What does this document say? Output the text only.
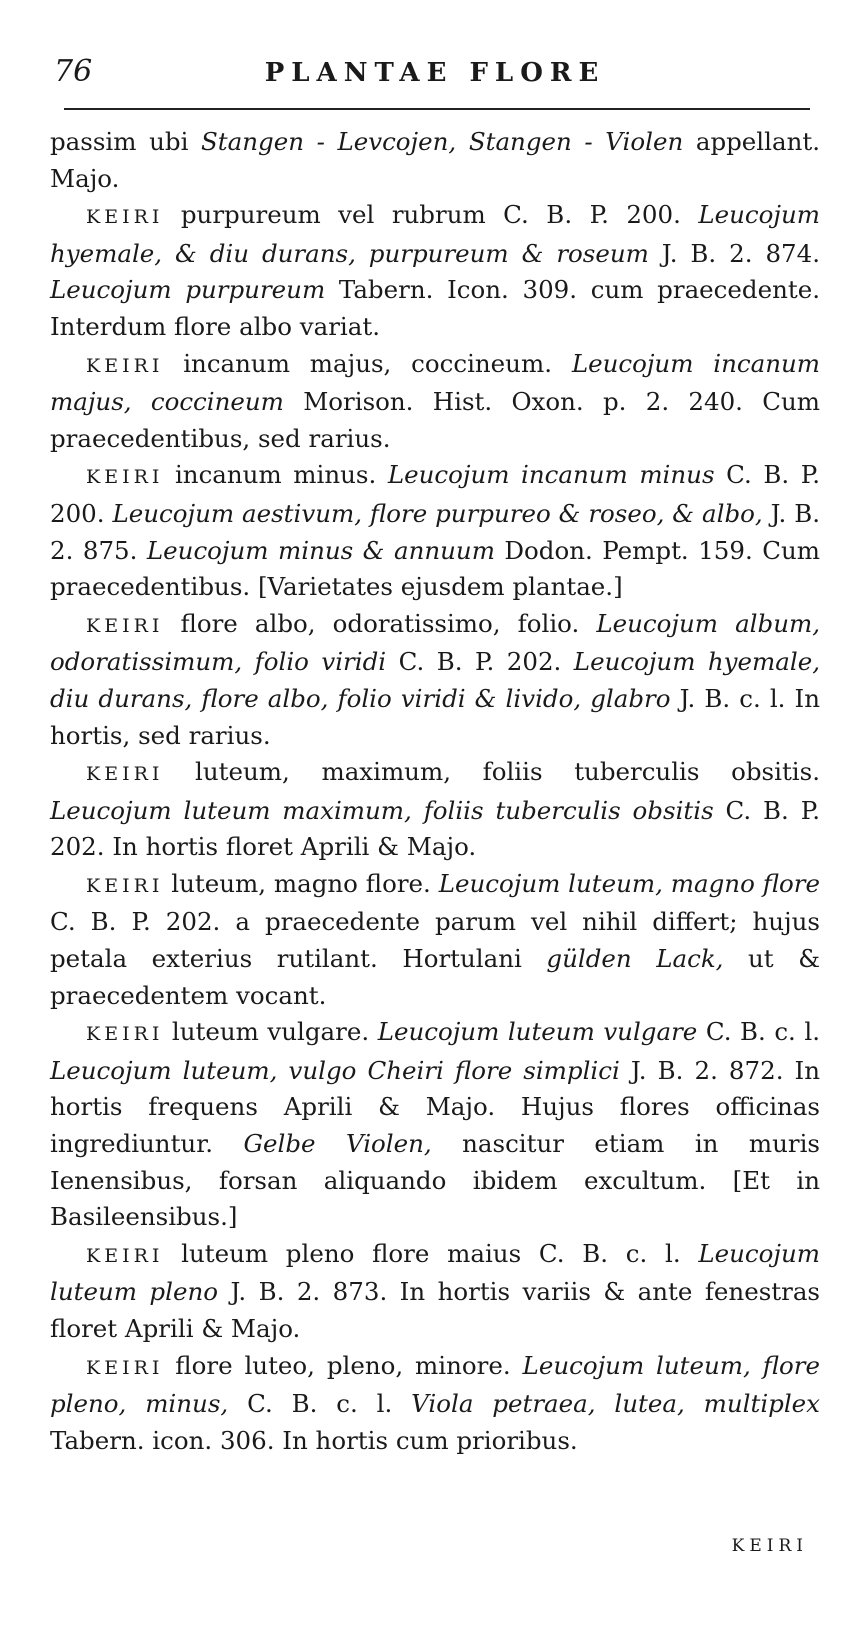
76	PLANTAE FLORE

passim ubi Stangen - Levcojen, Stangen - Violen appellant. Majo.

KEIRI purpureum vel rubrum C. B. P. 200. Leucojum hyemale, & diu durans, purpureum & roseum J. B. 2. 874. Leucojum purpureum Tabern. Icon. 309. cum praecedente. Interdum flore albo variat.

KEIRI incanum majus, coccineum. Leucojum incanum majus, coccineum Morison. Hist. Oxon. p. 2. 240. Cum praecedentibus, sed rarius.

KEIRI incanum minus. Leucojum incanum minus C. B. P. 200. Leucojum aestivum, flore purpureo & roseo, & albo, J. B. 2. 875. Leucojum minus & annuum Dodon. Pempt. 159. Cum praecedentibus. [Varietates ejusdem plantae.]

KEIRI flore albo, odoratissimo, folio. Leucojum album, odoratissimum, folio viridi C. B. P. 202. Leucojum hyemale, diu durans, flore albo, folio viridi & livido, glabro J. B. c. l. In hortis, sed rarius.

KEIRI luteum, maximum, foliis tuberculis obsitis. Leucojum luteum maximum, foliis tuberculis obsitis C. B. P. 202. In hortis floret Aprili & Majo.

KEIRI luteum, magno flore. Leucojum luteum, magno flore C. B. P. 202. a praecedente parum vel nihil differt; hujus petala exterius rutilant. Hortulani gülden Lack, ut & praecedentem vocant.

KEIRI luteum vulgare. Leucojum luteum vulgare C. B. c. l. Leucojum luteum, vulgo Cheiri flore simplici J. B. 2. 872. In hortis frequens Aprili & Majo. Hujus flores officinas ingrediuntur. Gelbe Violen, nascitur etiam in muris Ienensibus, forsan aliquando ibidem excultum. [Et in Basileensibus.]

KEIRI luteum pleno flore maius C. B. c. l. Leucojum luteum pleno J. B. 2. 873. In hortis variis & ante fenestras floret Aprili & Majo.

KEIRI flore luteo, pleno, minore. Leucojum luteum, flore pleno, minus, C. B. c. l. Viola petraea, lutea, multiplex Tabern. icon. 306. In hortis cum prioribus.

KEIRI
